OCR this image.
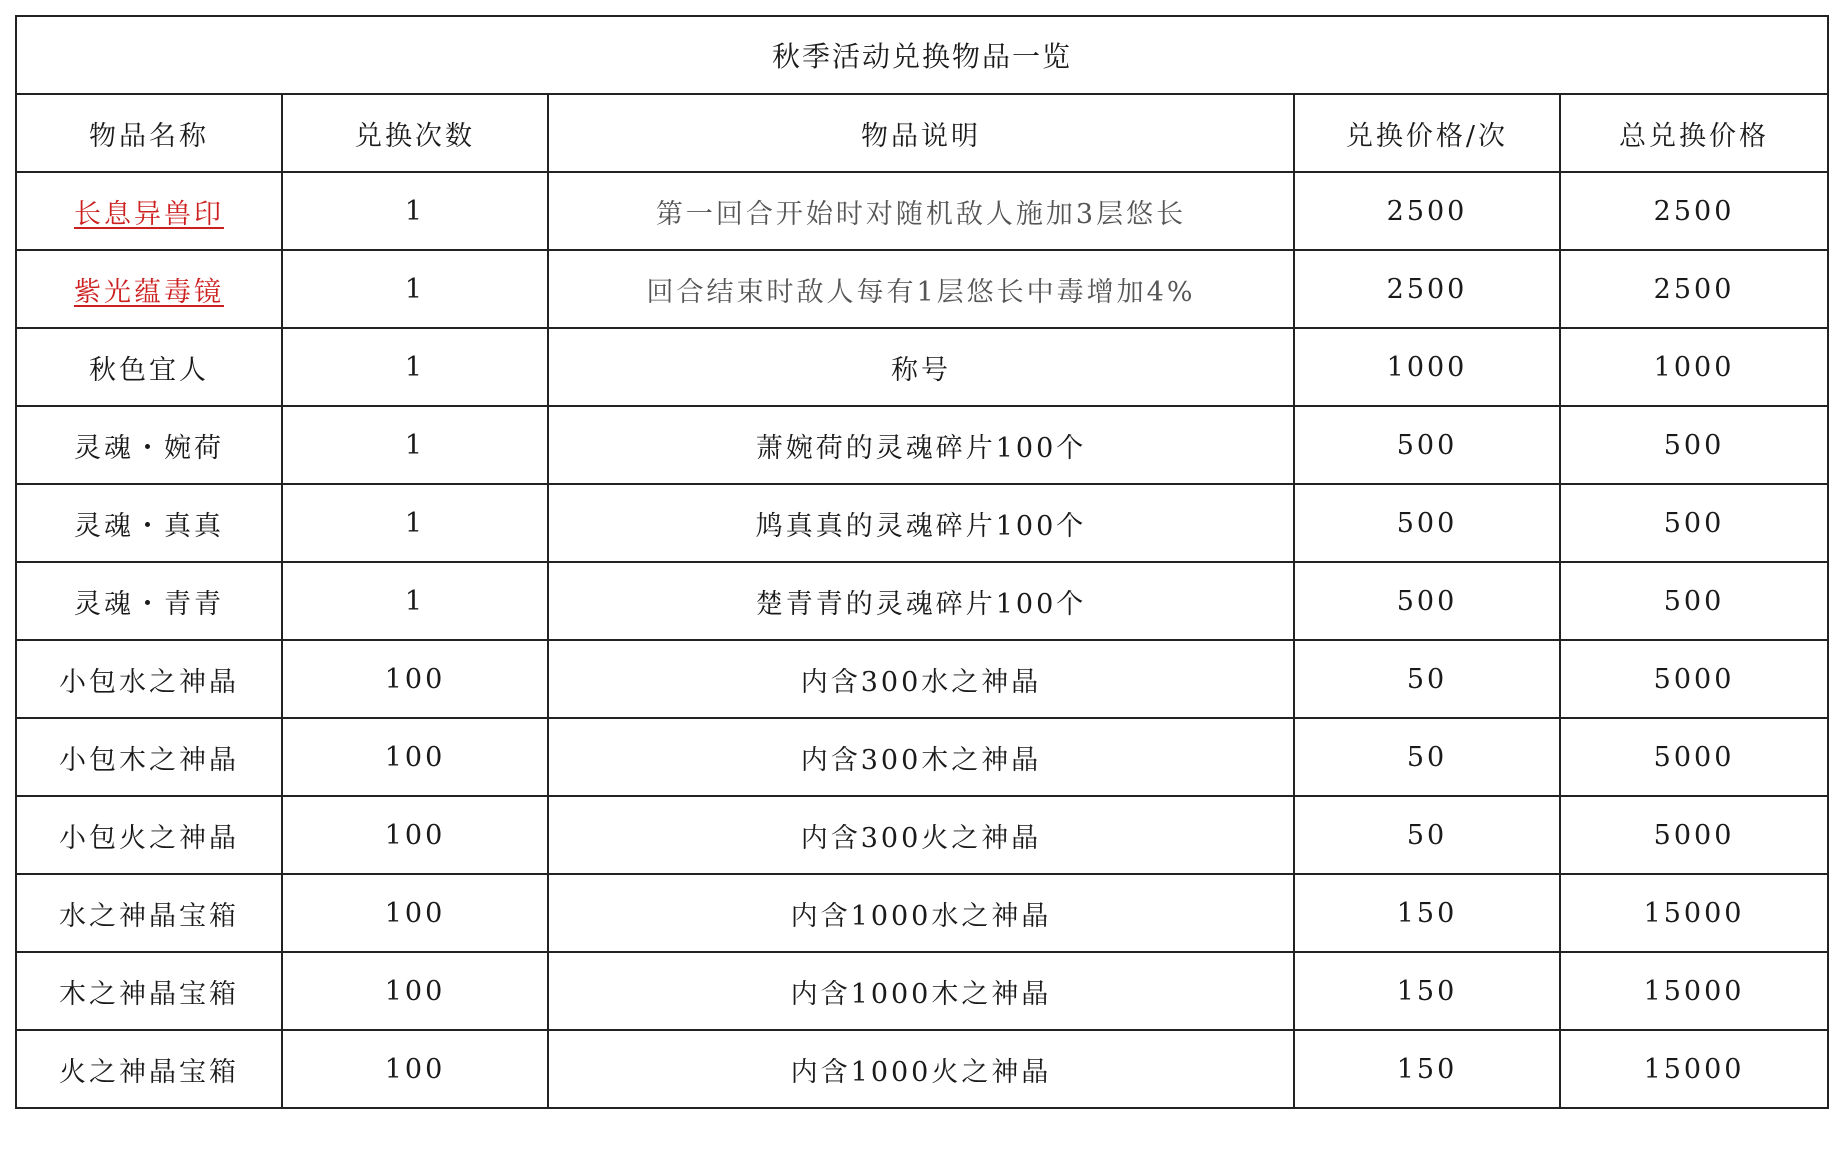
秋季活动兑换物品一览				
物品名称	兑换次数	物品说明	兑换价格/次	总兑换价格
长息异兽印	1	第一回合开始时对随机敌人施加3层悠长	2500	2500
紫光蕴毒镜	1	回合结束时敌人每有1层悠长中毒增加4%	2500	2500
秋色宜人	1	称号	1000	1000
灵魂・婉荷	1	萧婉荷的灵魂碎片100个	500	500
灵魂・真真	1	鸠真真的灵魂碎片100个	500	500
灵魂・青青	1	楚青青的灵魂碎片100个	500	500
小包水之神晶	100	内含300水之神晶	50	5000
小包木之神晶	100	内含300木之神晶	50	5000
小包火之神晶	100	内含300火之神晶	50	5000
水之神晶宝箱	100	内含1000水之神晶	150	15000
木之神晶宝箱	100	内含1000木之神晶	150	15000
火之神晶宝箱	100	内含1000火之神晶	150	15000
